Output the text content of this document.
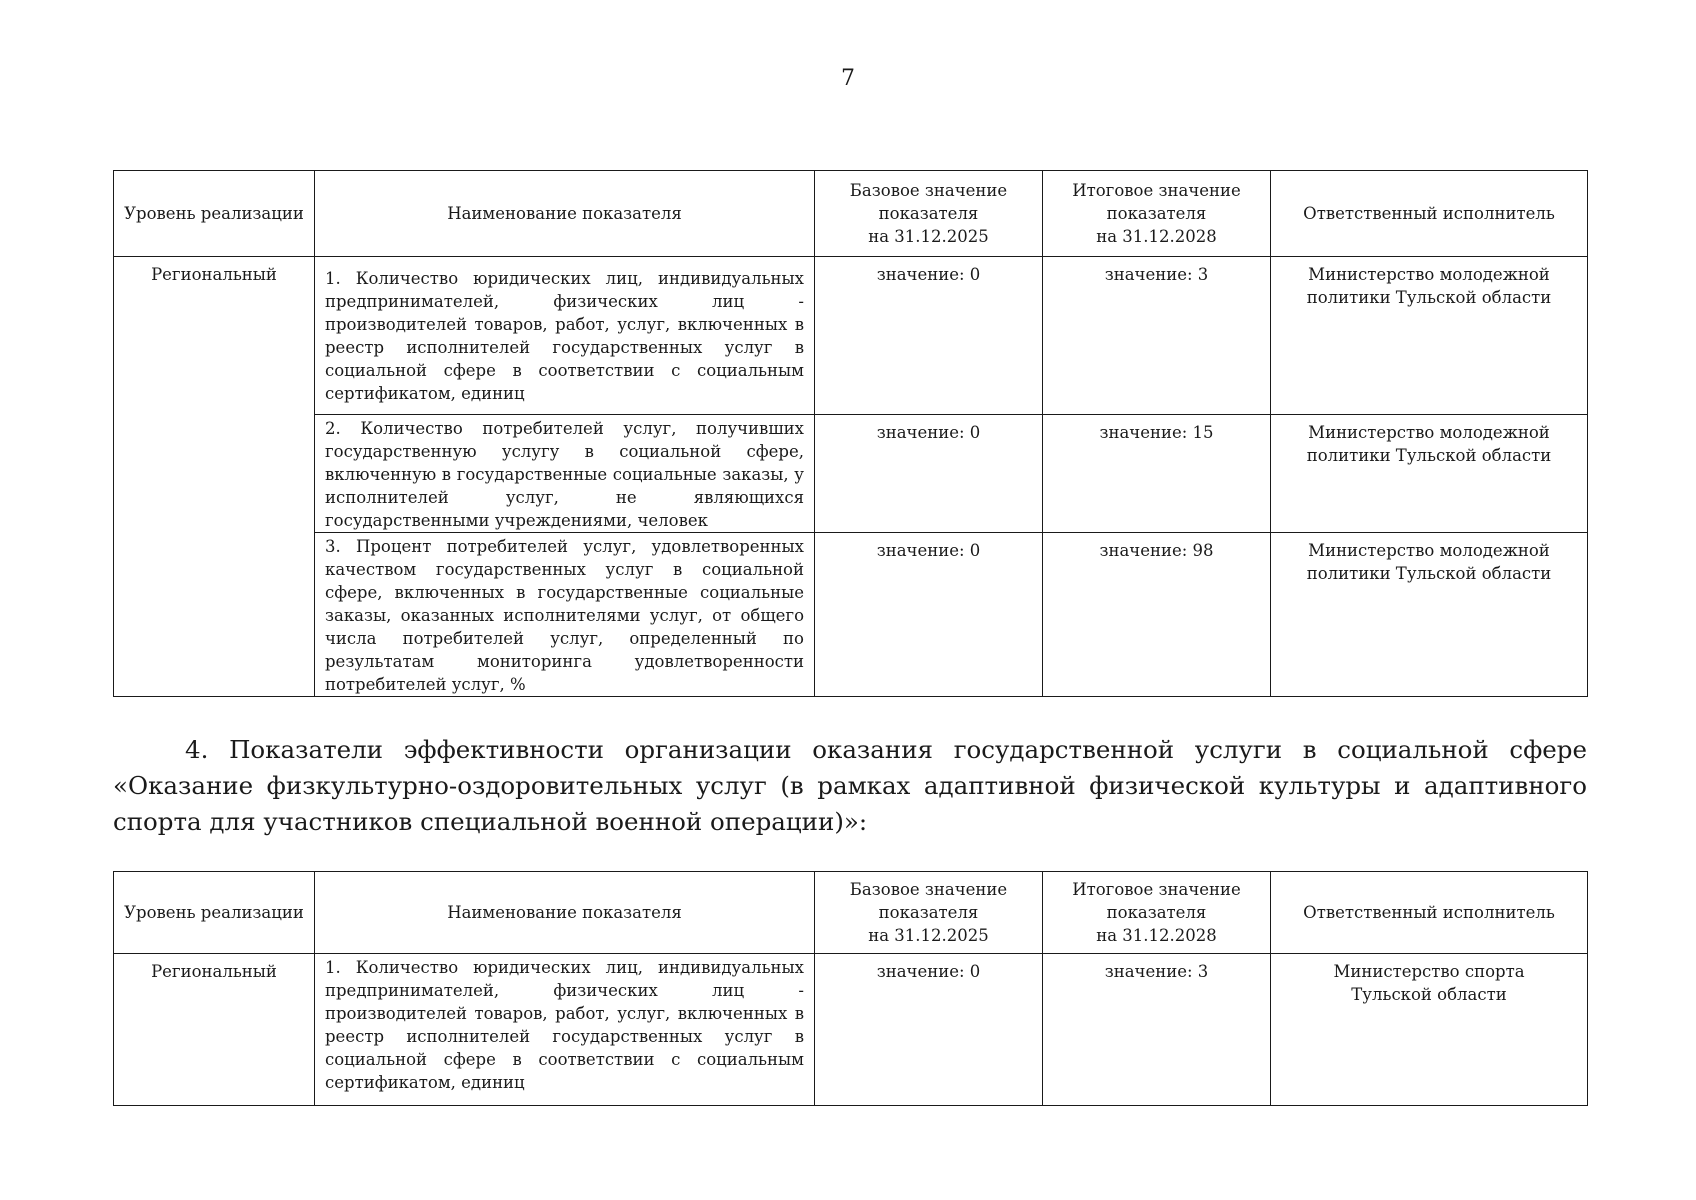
7
Уровень реализации	Наименование показателя	Базовое значение
показателя
на 31.12.2025	Итоговое значение
показателя
на 31.12.2028	Ответственный исполнитель
Региональный	1. Количество юридических лиц, индивидуальных предпринимателей, физических лиц - производителей товаров, работ, услуг, включенных в реестр исполнителей государственных услуг в социальной сфере в соответствии с социальным сертификатом, единиц	значение: 0	значение: 3	Министерство молодежной
политики Тульской области
	2. Количество потребителей услуг, получивших государственную услугу в социальной сфере, включенную в государственные социальные заказы, у исполнителей услуг, не являющихся государственными учреждениями, человек	значение: 0	значение: 15	Министерство молодежной
политики Тульской области
	3. Процент потребителей услуг, удовлетворенных качеством государственных услуг в социальной сфере, включенных в государственные социальные заказы, оказанных исполнителями услуг, от общего числа потребителей услуг, определенный по результатам мониторинга удовлетворенности потребителей услуг, %	значение: 0	значение: 98	Министерство молодежной
политики Тульской области

4. Показатели эффективности организации оказания государственной услуги в социальной сфере «Оказание физкультурно-оздоровительных услуг (в рамках адаптивной физической культуры и адаптивного спорта для участников специальной военной операции)»:

Уровень реализации	Наименование показателя	Базовое значение
показателя
на 31.12.2025	Итоговое значение
показателя
на 31.12.2028	Ответственный исполнитель
Региональный	1. Количество юридических лиц, индивидуальных предпринимателей, физических лиц - производителей товаров, работ, услуг, включенных в реестр исполнителей государственных услуг в социальной сфере в соответствии с социальным сертификатом, единиц	значение: 0	значение: 3	Министерство спорта
Тульской области
